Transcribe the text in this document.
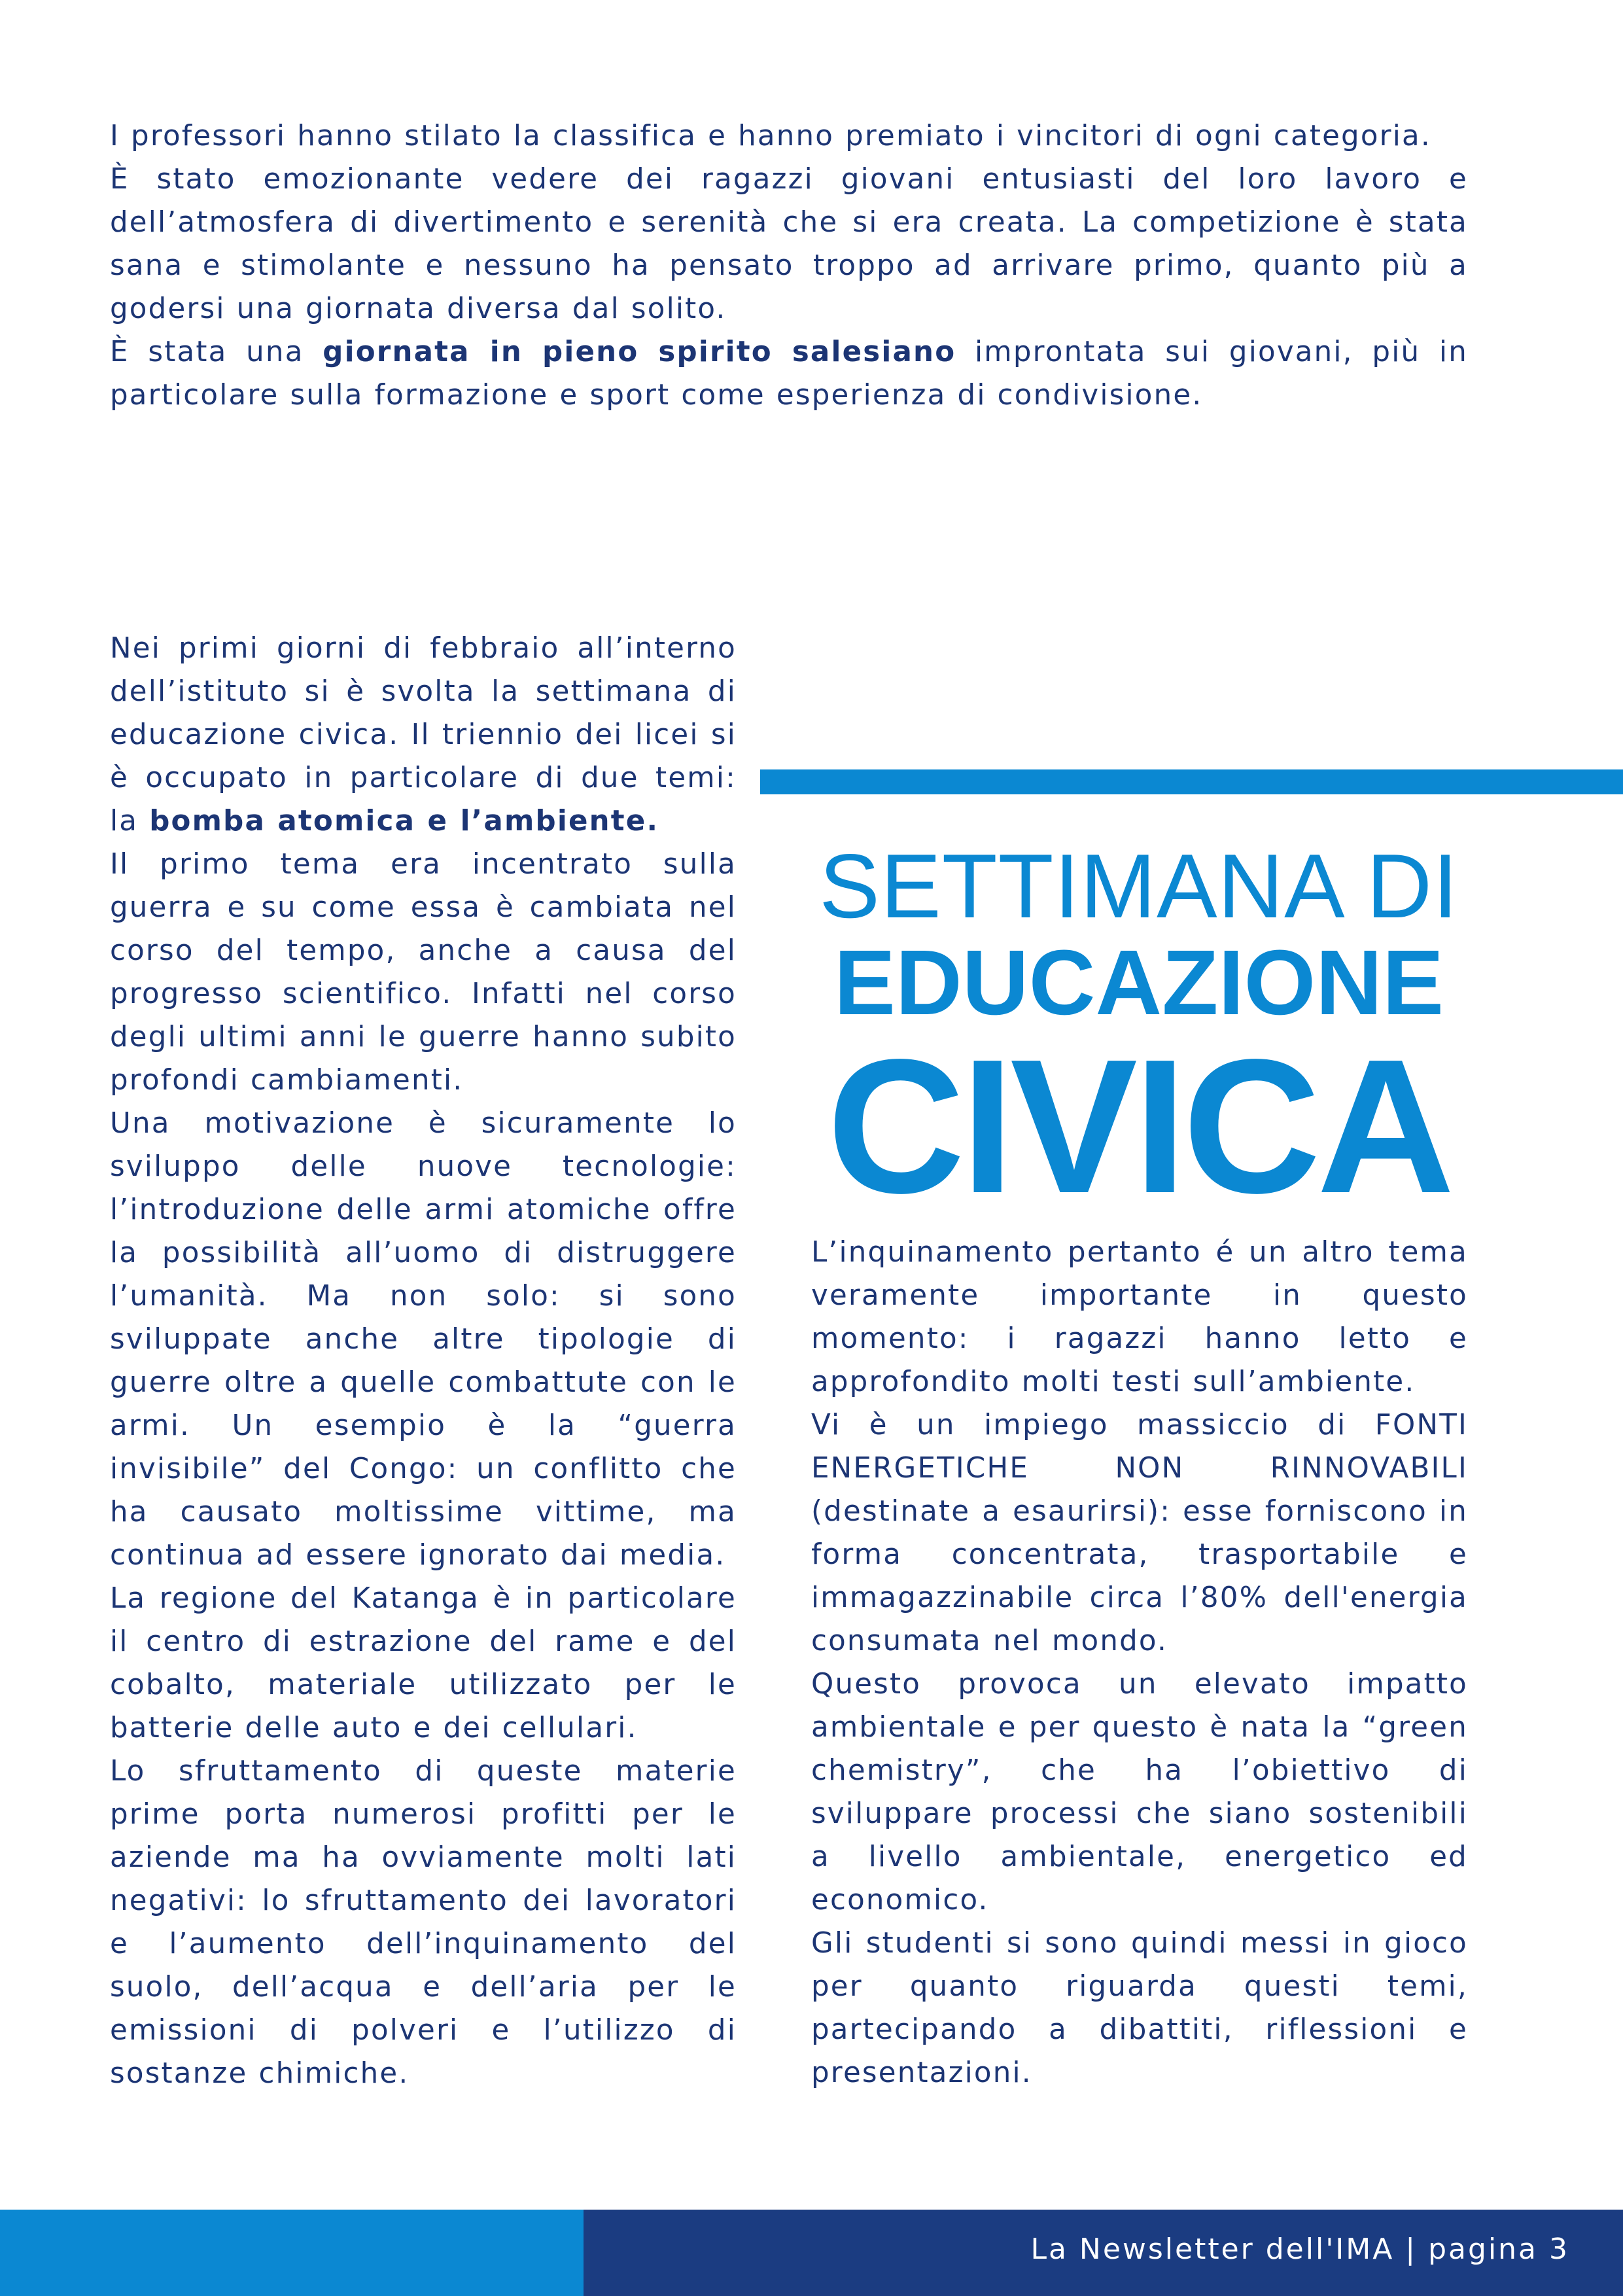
I professori hanno stilato la classifica e hanno premiato i vincitori di ogni categoria.
È stato emozionante vedere dei ragazzi giovani entusiasti del loro lavoro e dell’atmosfera di divertimento e serenità che si era creata. La competizione è stata sana e stimolante e nessuno ha pensato troppo ad arrivare primo, quanto più a godersi una giornata diversa dal solito.
È stata una giornata in pieno spirito salesiano improntata sui giovani, più in particolare sulla formazione e sport come esperienza di condivisione.
Nei primi giorni di febbraio all’interno dell’istituto si è svolta la settimana di educazione civica. Il triennio dei licei si è occupato in particolare di due temi: la bomba atomica e l’ambiente.
Il primo tema era incentrato sulla guerra e su come essa è cambiata nel corso del tempo, anche a causa del progresso scientifico. Infatti nel corso degli ultimi anni le guerre hanno subito profondi cambiamenti.
Una motivazione è sicuramente lo sviluppo delle nuove tecnologie: l’introduzione delle armi atomiche offre la possibilità all’uomo di distruggere l’umanità. Ma non solo: si sono sviluppate anche altre tipologie di guerre oltre a quelle combattute con le armi. Un esempio è la “guerra invisibile” del Congo: un conflitto che ha causato moltissime vittime, ma continua ad essere ignorato dai media.
La regione del Katanga è in particolare il centro di estrazione del rame e del cobalto, materiale utilizzato per le batterie delle auto e dei cellulari.
Lo sfruttamento di queste materie prime porta numerosi profitti per le aziende ma ha ovviamente molti lati negativi: lo sfruttamento dei lavoratori e l’aumento dell’inquinamento del suolo, dell’acqua e dell’aria per le emissioni di polveri e l’utilizzo di sostanze chimiche.
SETTIMANA DI
EDUCAZIONE
CIVICA
L’inquinamento pertanto é un altro tema veramente importante in questo momento: i ragazzi hanno letto e approfondito molti testi sull’ambiente.
Vi è un impiego massiccio di FONTI ENERGETICHE NON RINNOVABILI (destinate a esaurirsi): esse forniscono in forma concentrata, trasportabile e immagazzinabile circa l’80% dell'energia consumata nel mondo.
Questo provoca un elevato impatto ambientale e per questo è nata la “green chemistry”, che ha l’obiettivo di sviluppare processi che siano sostenibili a livello ambientale, energetico ed economico.
Gli studenti si sono quindi messi in gioco per quanto riguarda questi temi, partecipando a dibattiti, riflessioni e presentazioni.
La Newsletter dell'IMA | pagina 3
